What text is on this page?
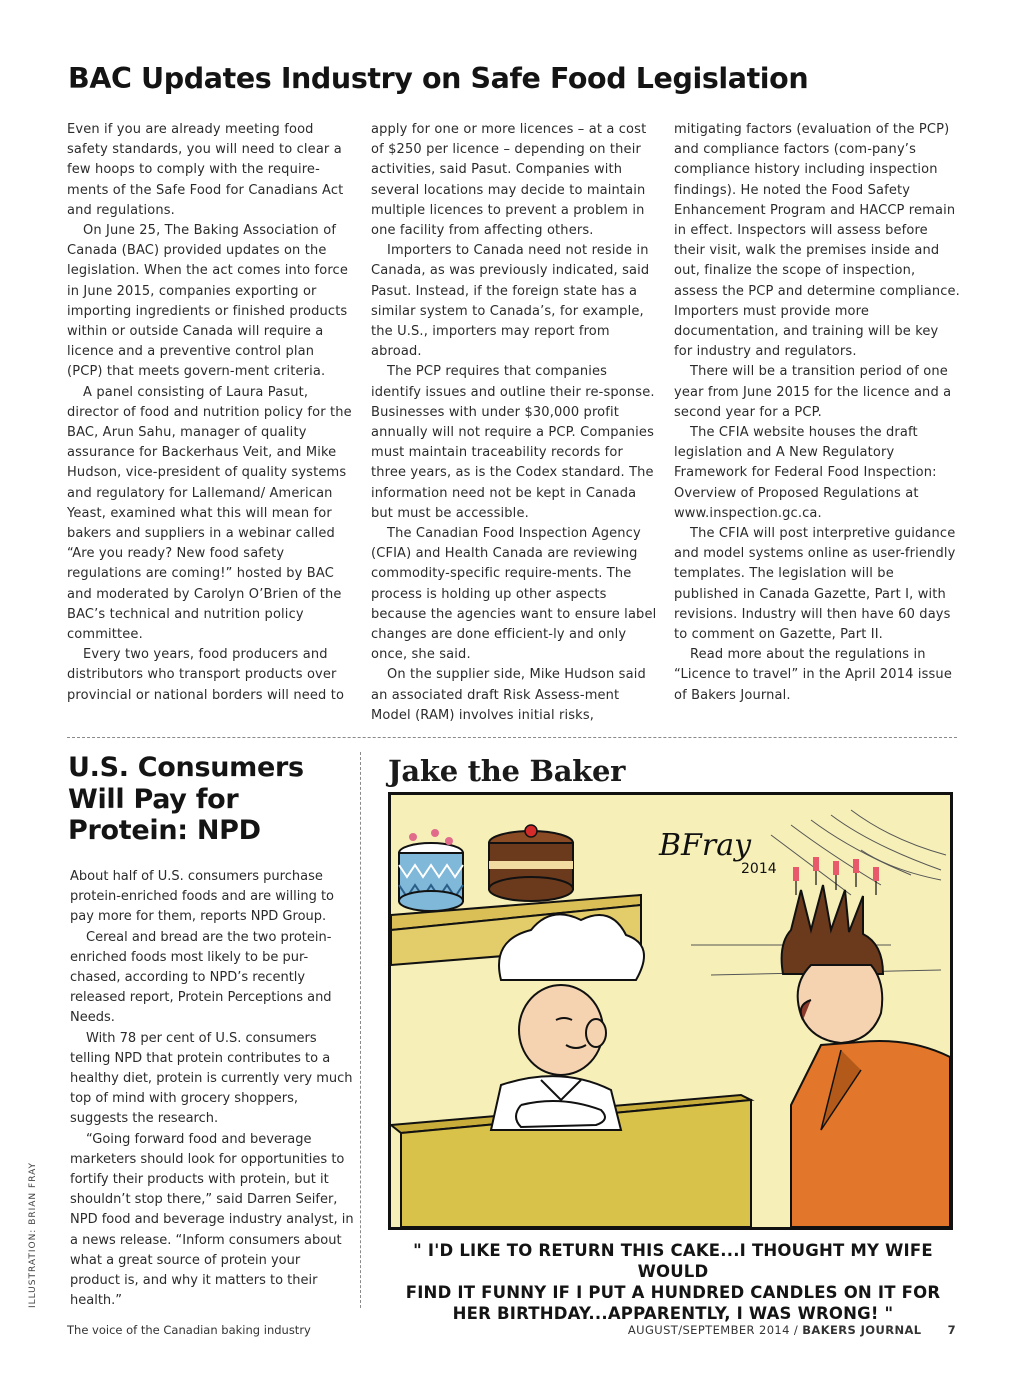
BAC Updates Industry on Safe Food Legislation

Even if you are already meeting food safety standards, you will need to clear a few hoops to comply with the require-ments of the Safe Food for Canadians Act and regulations.

On June 25, The Baking Association of Canada (BAC) provided updates on the legislation. When the act comes into force in June 2015, companies exporting or importing ingredients or finished products within or outside Canada will require a licence and a preventive control plan (PCP) that meets govern-ment criteria.

A panel consisting of Laura Pasut, director of food and nutrition policy for the BAC, Arun Sahu, manager of quality assurance for Backerhaus Veit, and Mike Hudson, vice-president of quality systems and regulatory for Lallemand/ American Yeast, examined what this will mean for bakers and suppliers in a webinar called “Are you ready? New food safety regulations are coming!” hosted by BAC and moderated by Carolyn O’Brien of the BAC’s technical and nutrition policy committee.

Every two years, food producers and distributors who transport products over provincial or national borders will need to

apply for one or more licences – at a cost of $250 per licence – depending on their activities, said Pasut. Companies with several locations may decide to maintain multiple licences to prevent a problem in one facility from affecting others.

Importers to Canada need not reside in Canada, as was previously indicated, said Pasut. Instead, if the foreign state has a similar system to Canada’s, for example, the U.S., importers may report from abroad.

The PCP requires that companies identify issues and outline their re-sponse. Businesses with under $30,000 profit annually will not require a PCP. Companies must maintain traceability records for three years, as is the Codex standard. The information need not be kept in Canada but must be accessible.

The Canadian Food Inspection Agency (CFIA) and Health Canada are reviewing commodity-specific require-ments. The process is holding up other aspects because the agencies want to ensure label changes are done efficient-ly and only once, she said.

On the supplier side, Mike Hudson said an associated draft Risk Assess-ment Model (RAM) involves initial risks,

mitigating factors (evaluation of the PCP) and compliance factors (com-pany’s compliance history including inspection findings). He noted the Food Safety Enhancement Program and HACCP remain in effect. Inspectors will assess before their visit, walk the premises inside and out, finalize the scope of inspection, assess the PCP and determine compliance. Importers must provide more documentation, and training will be key for industry and regulators.

There will be a transition period of one year from June 2015 for the licence and a second year for a PCP.

The CFIA website houses the draft legislation and A New Regulatory Framework for Federal Food Inspection: Overview of Proposed Regulations at www.inspection.gc.ca.

The CFIA will post interpretive guidance and model systems online as user-friendly templates. The legislation will be published in Canada Gazette, Part I, with revisions. Industry will then have 60 days to comment on Gazette, Part II.

Read more about the regulations in “Licence to travel” in the April 2014 issue of Bakers Journal.

U.S. Consumers
Will Pay for
Protein: NPD

About half of U.S. consumers purchase protein-enriched foods and are willing to pay more for them, reports NPD Group.

Cereal and bread are the two protein-enriched foods most likely to be pur-chased, according to NPD’s recently released report, Protein Perceptions and Needs.

With 78 per cent of U.S. consumers telling NPD that protein contributes to a healthy diet, protein is currently very much top of mind with grocery shoppers, suggests the research.

“Going forward food and beverage marketers should look for opportunities to fortify their products with protein, but it shouldn’t stop there,” said Darren Seifer, NPD food and beverage industry analyst, in a news release. “Inform consumers about what a great source of protein your product is, and why it matters to their health.”

ILLUSTRATION: BRIAN FRAY
Jake the Baker
BFray
2014

" I'D LIKE TO RETURN THIS CAKE...I THOUGHT MY WIFE WOULD
FIND IT FUNNY IF I PUT A HUNDRED CANDLES ON IT FOR
HER BIRTHDAY...APPARENTLY, I WAS WRONG! "

The voice of the Canadian baking industry	AUGUST/SEPTEMBER 2014 / BAKERS JOURNAL 7
